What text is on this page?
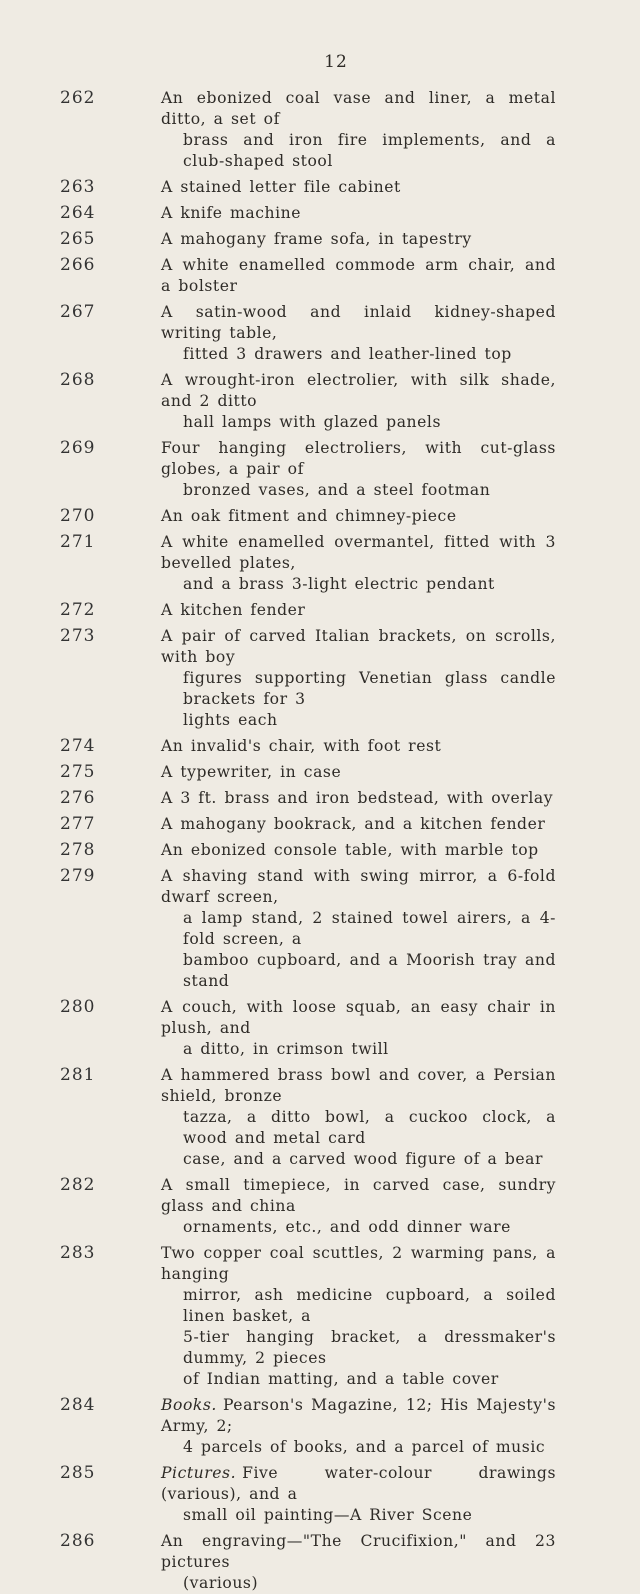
12
262	An ebonized coal vase and liner, a metal ditto, a set of
brass and iron fire implements, and a club-shaped stool
263	A stained letter file cabinet
264	A knife machine
265	A mahogany frame sofa, in tapestry
266	A white enamelled commode arm chair, and a bolster
267	A satin-wood and inlaid kidney-shaped writing table,
fitted 3 drawers and leather-lined top
268	A wrought-iron electrolier, with silk shade, and 2 ditto
hall lamps with glazed panels
269	Four hanging electroliers, with cut-glass globes, a pair of
bronzed vases, and a steel footman
270	An oak fitment and chimney-piece
271	A white enamelled overmantel, fitted with 3 bevelled plates,
and a brass 3-light electric pendant
272	A kitchen fender
273	A pair of carved Italian brackets, on scrolls, with boy
figures supporting Venetian glass candle brackets for 3
lights each
274	An invalid's chair, with foot rest
275	A typewriter, in case
276	A 3 ft. brass and iron bedstead, with overlay
277	A mahogany bookrack, and a kitchen fender
278	An ebonized console table, with marble top
279	A shaving stand with swing mirror, a 6-fold dwarf screen,
a lamp stand, 2 stained towel airers, a 4-fold screen, a
bamboo cupboard, and a Moorish tray and stand
280	A couch, with loose squab, an easy chair in plush, and
a ditto, in crimson twill
281	A hammered brass bowl and cover, a Persian shield, bronze
tazza, a ditto bowl, a cuckoo clock, a wood and metal card
case, and a carved wood figure of a bear
282	A small timepiece, in carved case, sundry glass and china
ornaments, etc., and odd dinner ware
283	Two copper coal scuttles, 2 warming pans, a hanging
mirror, ash medicine cupboard, a soiled linen basket, a
5-tier hanging bracket, a dressmaker's dummy, 2 pieces
of Indian matting, and a table cover
284	Books. Pearson's Magazine, 12; His Majesty's Army, 2;
4 parcels of books, and a parcel of music
285	Pictures. Five water-colour drawings (various), and a
small oil painting—A River Scene
286	An engraving—"The Crucifixion," and 23 pictures
(various)
